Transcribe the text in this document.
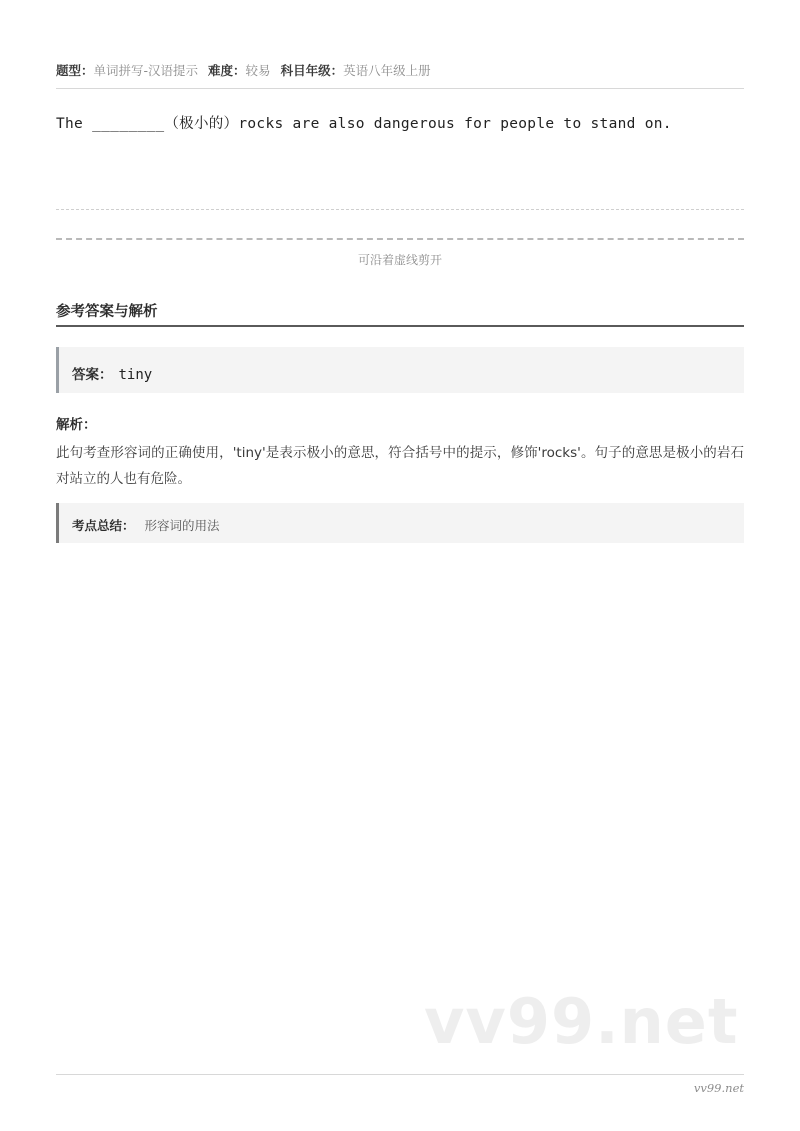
题型：单词拼写-汉语提示 难度：较易 科目年级：英语八年级上册
The ________（极小的）rocks are also dangerous for people to stand on.
可沿着虚线剪开
参考答案与解析
答案： tiny
解析：
此句考查形容词的正确使用，'tiny'是表示极小的意思，符合括号中的提示，修饰'rocks'。句子的意思是极小的岩石对站立的人也有危险。
考点总结： 形容词的用法
vv99.net
vv99.net
